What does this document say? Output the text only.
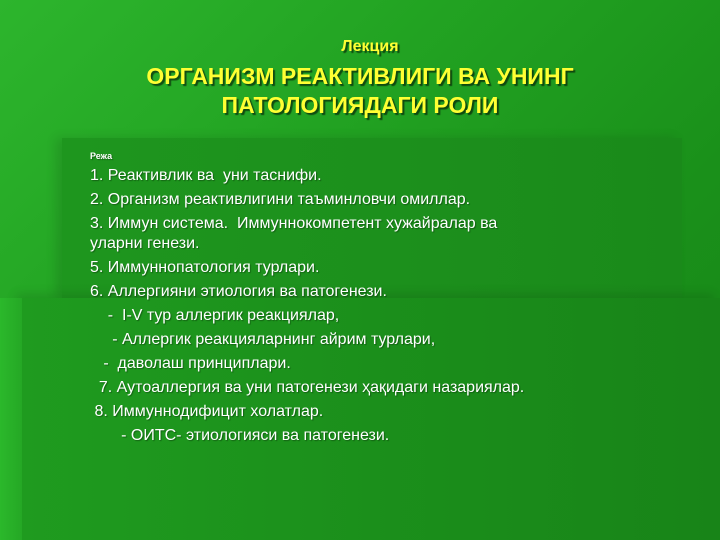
Лекция
ОРГАНИЗМ РЕАКТИВЛИГИ ВА УНИНГ ПАТОЛОГИЯДАГИ РОЛИ
Режа
1. Реактивлик ва  уни таснифи.
2. Организм реактивлигини таъминловчи омиллар.
3. Иммун система.  Иммуннокомпетент хужайралар ва
уларни генези.
5. Иммуннопатология турлари.
6. Аллергияни этиология ва патогенези.
-  I-V тур аллергик реакциялар,
- Аллергик реакцияларнинг айрим турлари,
-  даволаш принциплари.
7. Аутоаллергия ва уни патогенези ҳақидаги назариялар.
8. Иммуннодифицит холатлар.
- ОИТС- этиологияси ва патогенези.
